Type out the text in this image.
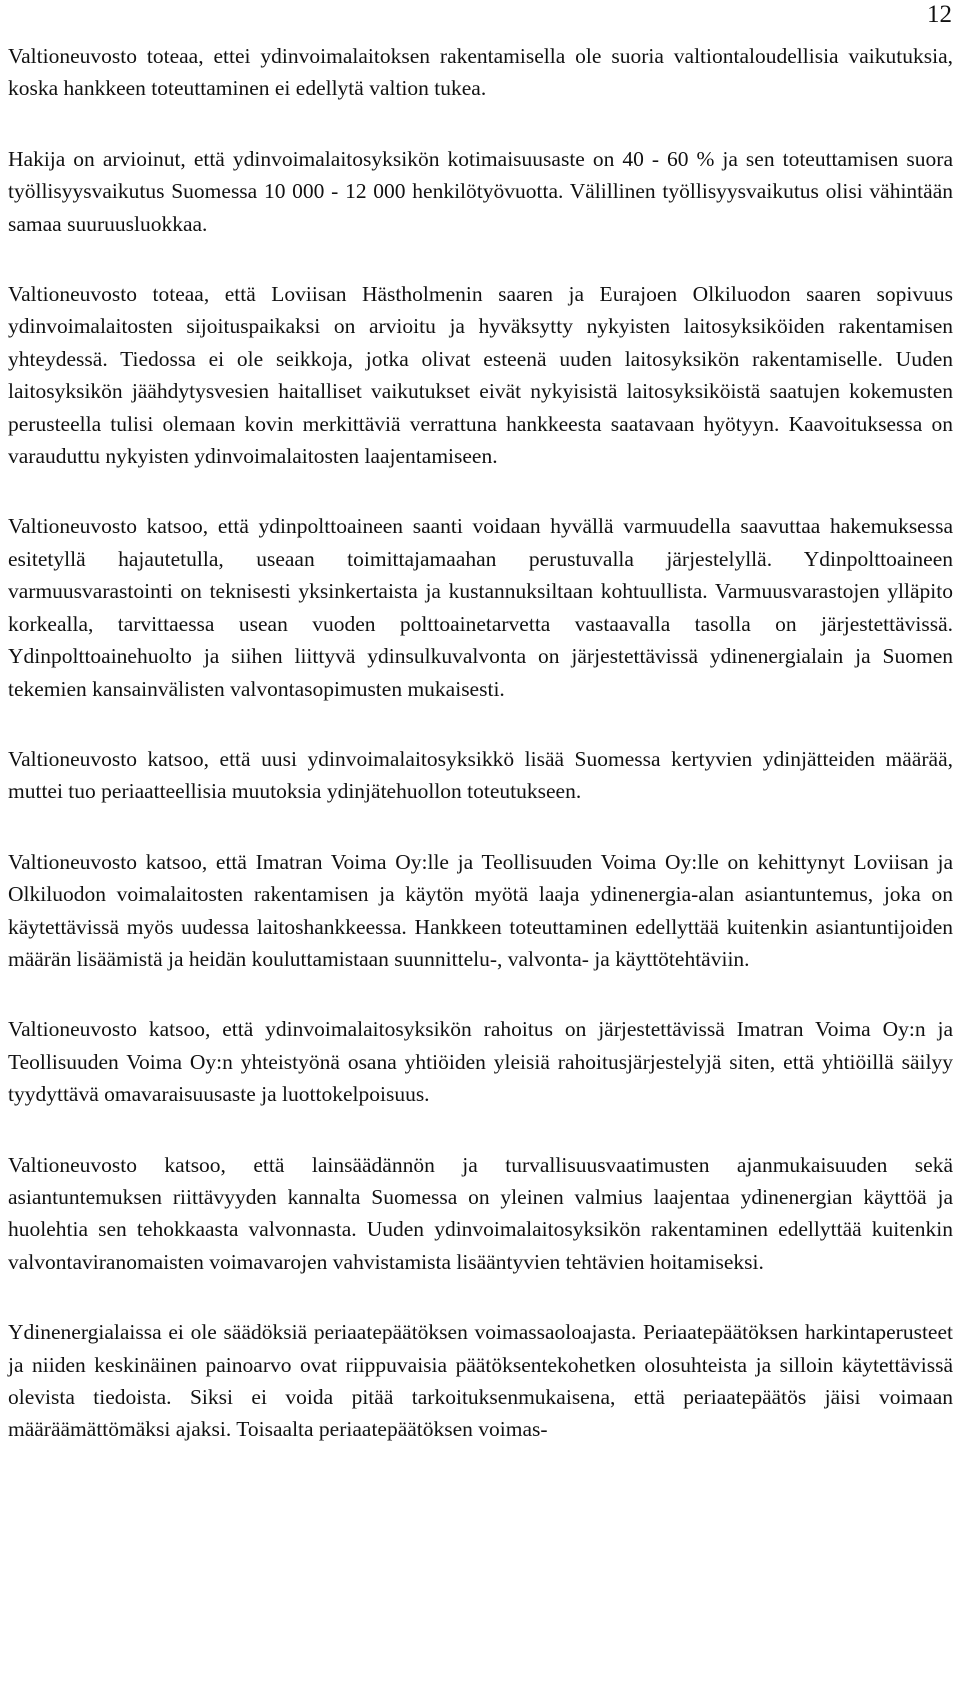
12

Valtioneuvosto toteaa, ettei ydinvoimalaitoksen rakentamisella ole suoria valtiontaloudellisia vaikutuksia, koska hankkeen toteuttaminen ei edellytä valtion tukea.

Hakija on arvioinut, että ydinvoimalaitosyksikön kotimaisuusaste on 40 - 60 % ja sen toteuttamisen suora työllisyysvaikutus Suomessa 10 000 - 12 000 henkilötyövuotta. Välillinen työllisyysvaikutus olisi vähintään samaa suuruusluokkaa.

Valtioneuvosto toteaa, että Loviisan Hästholmenin saaren ja Eurajoen Olkiluodon saaren sopivuus ydinvoimalaitosten sijoituspaikaksi on arvioitu ja hyväksytty nykyisten laitosyksiköiden rakentamisen yhteydessä. Tiedossa ei ole seikkoja, jotka olivat esteenä uuden laitosyksikön rakentamiselle. Uuden laitosyksikön jäähdytysvesien haitalliset vaikutukset eivät nykyisistä laitosyksiköistä saatujen kokemusten perusteella tulisi olemaan kovin merkittäviä verrattuna hankkeesta saatavaan hyötyyn. Kaavoituksessa on varauduttu nykyisten ydinvoimalaitosten laajentamiseen.

Valtioneuvosto katsoo, että ydinpolttoaineen saanti voidaan hyvällä varmuudella saavuttaa hakemuksessa esitetyllä hajautetulla, useaan toimittajamaahan perustuvalla järjestelyllä. Ydinpolttoaineen varmuusvarastointi on teknisesti yksinkertaista ja kustannuksiltaan kohtuullista. Varmuusvarastojen ylläpito korkealla, tarvittaessa usean vuoden polttoainetarvetta vastaavalla tasolla on järjestettävissä. Ydinpolttoainehuolto ja siihen liittyvä ydinsulkuvalvonta on järjestettävissä ydinenergialain ja Suomen tekemien kansainvälisten valvontasopimusten mukaisesti.

Valtioneuvosto katsoo, että uusi ydinvoimalaitosyksikkö lisää Suomessa kertyvien ydinjätteiden määrää, muttei tuo periaatteellisia muutoksia ydinjätehuollon toteutukseen.

Valtioneuvosto katsoo, että Imatran Voima Oy:lle ja Teollisuuden Voima Oy:lle on kehittynyt Loviisan ja Olkiluodon voimalaitosten rakentamisen ja käytön myötä laaja ydinenergia-alan asiantuntemus, joka on käytettävissä myös uudessa laitoshankkeessa. Hankkeen toteuttaminen edellyttää kuitenkin asiantuntijoiden määrän lisäämistä ja heidän kouluttamistaan suunnittelu-, valvonta- ja käyttötehtäviin.

Valtioneuvosto katsoo, että ydinvoimalaitosyksikön rahoitus on järjestettävissä Imatran Voima Oy:n ja Teollisuuden Voima Oy:n yhteistyönä osana yhtiöiden yleisiä rahoitusjärjestelyjä siten, että yhtiöillä säilyy tyydyttävä omavaraisuusaste ja luottokelpoisuus.

Valtioneuvosto katsoo, että lainsäädännön ja turvallisuusvaatimusten ajanmukaisuuden sekä asiantuntemuksen riittävyyden kannalta Suomessa on yleinen valmius laajentaa ydinenergian käyttöä ja huolehtia sen tehokkaasta valvonnasta. Uuden ydinvoimalaitosyksikön rakentaminen edellyttää kuitenkin valvontaviranomaisten voimavarojen vahvistamista lisääntyvien tehtävien hoitamiseksi.

Ydinenergialaissa ei ole säädöksiä periaatepäätöksen voimassaoloajasta. Periaatepäätöksen harkintaperusteet ja niiden keskinäinen painoarvo ovat riippuvaisia päätöksentekohetken olosuhteista ja silloin käytettävissä olevista tiedoista. Siksi ei voida pitää tarkoituksenmukaisena, että periaatepäätös jäisi voimaan määräämättömäksi ajaksi. Toisaalta periaatepäätöksen voimas-
